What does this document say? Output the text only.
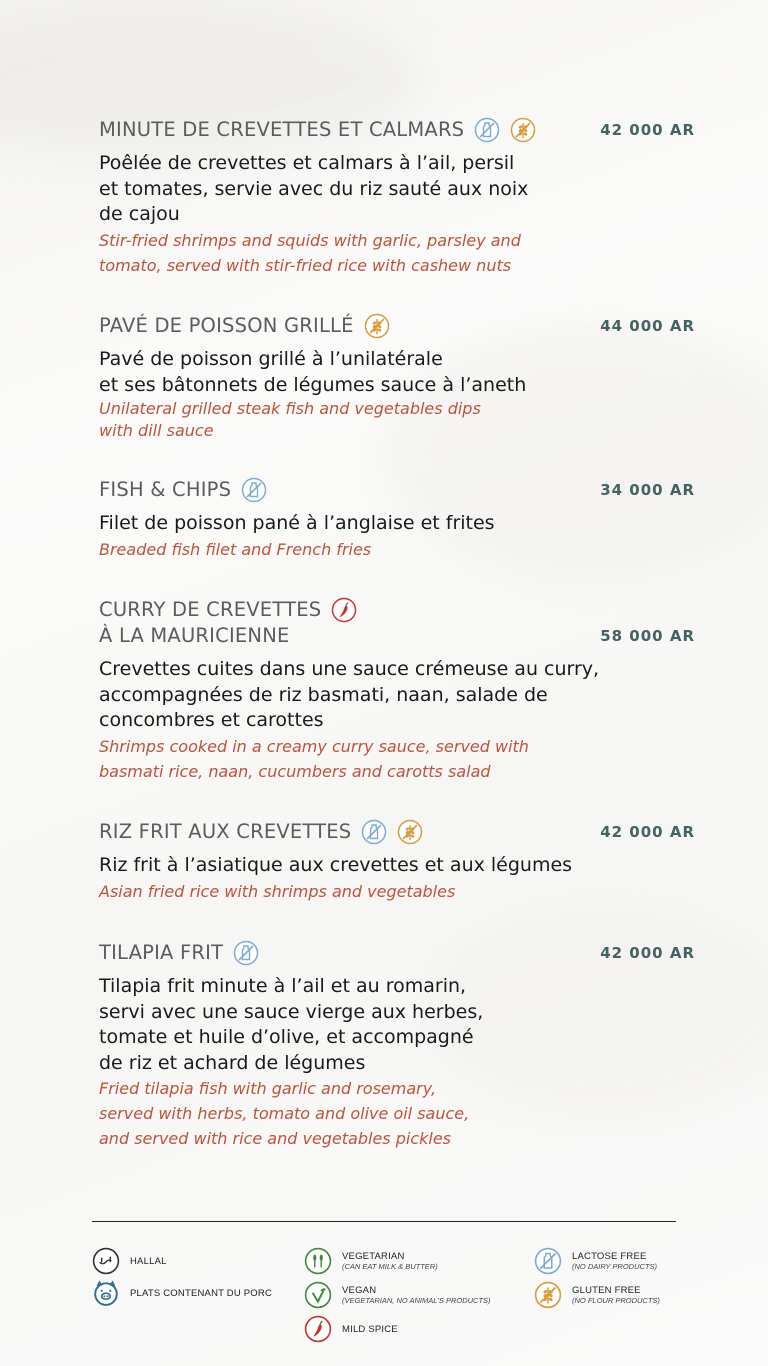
MINUTE DE CREVETTES ET CALMARS	42 000 AR
Poêlée de crevettes et calmars à l’ail, persil
et tomates, servie avec du riz sauté aux noix
de cajou
Stir-fried shrimps and squids with garlic, parsley and
tomato, served with stir-fried rice with cashew nuts
PAVÉ DE POISSON GRILLÉ	44 000 AR
Pavé de poisson grillé à l’unilatérale
et ses bâtonnets de légumes sauce à l’aneth
Unilateral grilled steak fish and vegetables dips
with dill sauce
FISH & CHIPS	34 000 AR
Filet de poisson pané à l’anglaise et frites
Breaded fish filet and French fries
CURRY DE CREVETTES
À LA MAURICIENNE	58 000 AR
Crevettes cuites dans une sauce crémeuse au curry,
accompagnées de riz basmati, naan, salade de
concombres et carottes
Shrimps cooked in a creamy curry sauce, served with
basmati rice, naan, cucumbers and carotts salad
RIZ FRIT AUX CREVETTES	42 000 AR
Riz frit à l’asiatique aux crevettes et aux légumes
Asian fried rice with shrimps and vegetables
TILAPIA FRIT	42 000 AR
Tilapia frit minute à l’ail et au romarin,
servi avec une sauce vierge aux herbes,
tomate et huile d’olive, et accompagné
de riz et achard de légumes
Fried tilapia fish with garlic and rosemary,
served with herbs, tomato and olive oil sauce,
and served with rice and vegetables pickles
HALLAL
PLATS CONTENANT DU PORC
VEGETARIAN
(CAN EAT MILK & BUTTER)
VEGAN
(VEGETARIAN, NO ANIMAL'S PRODUCTS)
MILD SPICE
LACTOSE FREE
(NO DAIRY PRODUCTS)
GLUTEN FREE
(NO FLOUR PRODUCTS)
